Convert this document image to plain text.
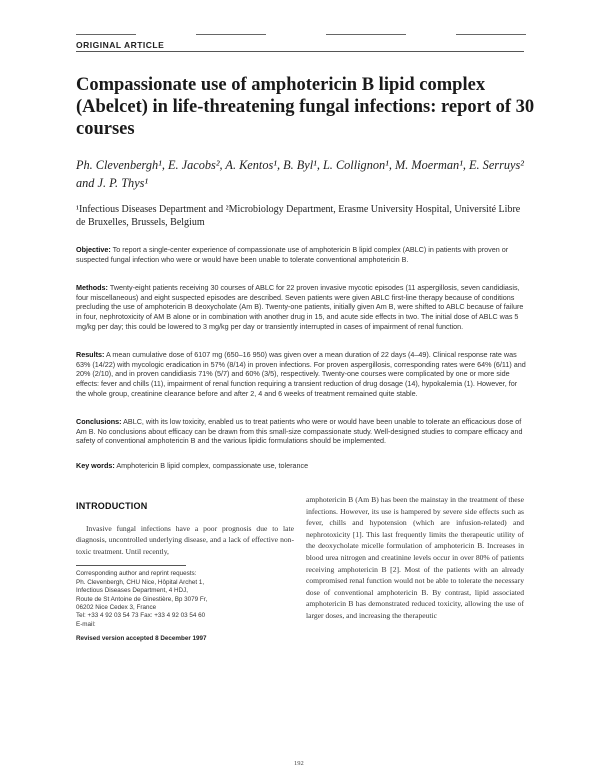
ORIGINAL ARTICLE
Compassionate use of amphotericin B lipid complex (Abelcet) in life-threatening fungal infections: report of 30 courses
Ph. Clevenbergh¹, E. Jacobs², A. Kentos¹, B. Byl¹, L. Collignon¹, M. Moerman¹, E. Serruys² and J. P. Thys¹
¹Infectious Diseases Department and ²Microbiology Department, Erasme University Hospital, Université Libre de Bruxelles, Brussels, Belgium
Objective: To report a single-center experience of compassionate use of amphotericin B lipid complex (ABLC) in patients with proven or suspected fungal infection who were or would have been unable to tolerate conventional amphotericin B.
Methods: Twenty-eight patients receiving 30 courses of ABLC for 22 proven invasive mycotic episodes (11 aspergillosis, seven candidiasis, four miscellaneous) and eight suspected episodes are described. Seven patients were given ABLC first-line therapy because of conditions precluding the use of amphotericin B deoxycholate (Am B). Twenty-one patients, initially given Am B, were shifted to ABLC because of failure in four, nephrotoxicity of AM B alone or in combination with another drug in 15, and acute side effects in two. The initial dose of ABLC was 5 mg/kg per day; this could be lowered to 3 mg/kg per day or transiently interrupted in cases of impairment of renal function.
Results: A mean cumulative dose of 6107 mg (650–16 950) was given over a mean duration of 22 days (4–49). Clinical response rate was 63% (14/22) with mycologic eradication in 57% (8/14) in proven infections. For proven aspergillosis, corresponding rates were 64% (6/11) and 20% (2/10), and in proven candidiasis 71% (5/7) and 60% (3/5), respectively. Twenty-one courses were complicated by one or more side effects: fever and chills (11), impairment of renal function requiring a transient reduction of drug dosage (14), hypokalemia (1). However, for the whole group, creatinine clearance before and after 2, 4 and 6 weeks of treatment remained quite stable.
Conclusions: ABLC, with its low toxicity, enabled us to treat patients who were or would have been unable to tolerate an efficacious dose of Am B. No conclusions about efficacy can be drawn from this small-size compassionate study. Well-designed studies to compare efficacy and safety of conventional amphotericin B and the various lipidic formulations should be implemented.
Key words: Amphotericin B lipid complex, compassionate use, tolerance
INTRODUCTION

Invasive fungal infections have a poor prognosis due to late diagnosis, uncontrolled underlying disease, and a lack of effective non-toxic treatment. Until recently,

Corresponding author and reprint requests:
Ph. Clevenbergh, CHU Nice, Hôpital Archet 1,
Infectious Diseases Department, 4 HDJ,
Route de St Antoine de Ginestière, Bp 3079 Fr,
06202 Nice Cedex 3, France
Tel: +33 4 92 03 54 73 Fax: +33 4 92 03 54 60
E-mail:
Revised version accepted 8 December 1997

amphotericin B (Am B) has been the mainstay in the treatment of these infections. However, its use is hampered by severe side effects such as fever, chills and hypotension (which are infusion-related) and nephrotoxicity [1]. This last frequently limits the therapeutic utility of the deoxycholate micelle formulation of amphotericin B. Increases in blood urea nitrogen and creatinine levels occur in over 80% of patients receiving amphotericin B [2]. Most of the patients with an already compromised renal function would not be able to tolerate the necessary dose of conventional amphotericin B. By contrast, lipid associated amphotericin B has demonstrated reduced toxicity, allowing the use of larger doses, and increasing the therapeutic

192
